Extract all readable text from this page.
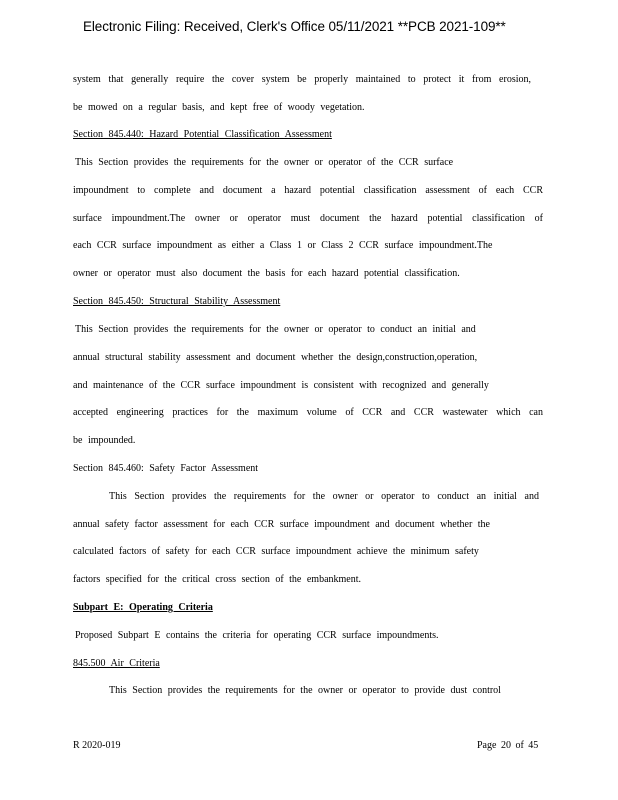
Electronic Filing: Received, Clerk's Office 05/11/2021 **PCB 2021-109**
system that generally require the cover system be properly maintained to protect it from erosion,
be mowed on a regular basis, and kept free of woody vegetation.
Section 845.440: Hazard Potential Classification Assessment
This Section provides the requirements for the owner or operator of the CCR surface
impoundment to complete and document a hazard potential classification assessment of each CCR
surface impoundment.The owner or operator must document the hazard potential classification of
each CCR surface impoundment as either a Class 1 or Class 2 CCR surface impoundment.The
owner or operator must also document the basis for each hazard potential classification.
Section 845.450: Structural Stability Assessment
This Section provides the requirements for the owner or operator to conduct an initial and
annual structural stability assessment and document whether the design,construction,operation,
and maintenance of the CCR surface impoundment is consistent with recognized and generally
accepted engineering practices for the maximum volume of CCR and CCR wastewater which can
be impounded.
Section 845.460: Safety Factor Assessment
This Section provides the requirements for the owner or operator to conduct an initial and
annual safety factor assessment for each CCR surface impoundment and document whether the
calculated factors of safety for each CCR surface impoundment achieve the minimum safety
factors specified for the critical cross section of the embankment.
Subpart E: Operating Criteria
Proposed Subpart E contains the criteria for operating CCR surface impoundments.
845.500 Air Criteria
This Section provides the requirements for the owner or operator to provide dust control
R 2020-019	Page 20 of 45
